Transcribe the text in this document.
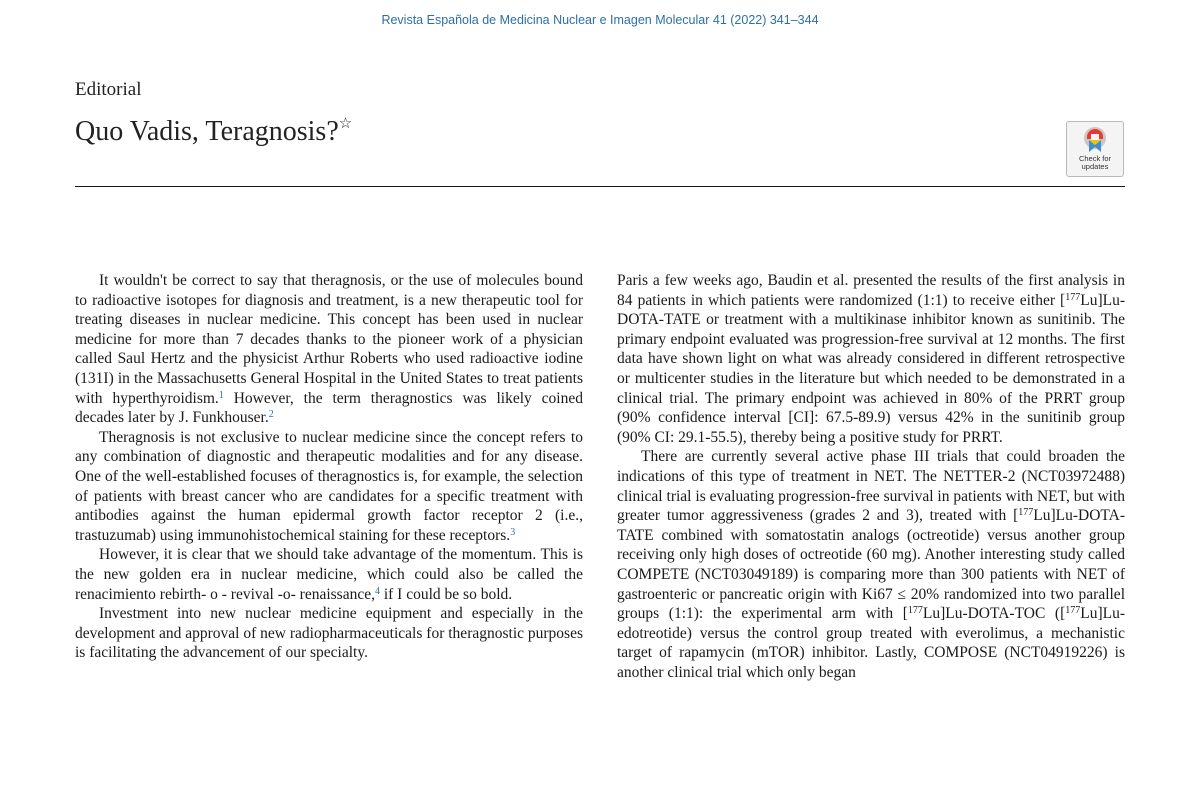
Revista Española de Medicina Nuclear e Imagen Molecular 41 (2022) 341–344
Editorial
Quo Vadis, Teragnosis?☆
Check for
updates

It wouldn't be correct to say that theragnosis, or the use of molecules bound to radioactive isotopes for diagnosis and treatment, is a new therapeutic tool for treating diseases in nuclear medicine. This concept has been used in nuclear medicine for more than 7 decades thanks to the pioneer work of a physician called Saul Hertz and the physicist Arthur Roberts who used radioactive iodine (131I) in the Massachusetts General Hospital in the United States to treat patients with hyperthyroidism.$^1$ However, the term theragnostics was likely coined decades later by J. Funkhouser.$^2$

Theragnosis is not exclusive to nuclear medicine since the concept refers to any combination of diagnostic and therapeutic modalities and for any disease. One of the well-established focuses of theragnostics is, for example, the selection of patients with breast cancer who are candidates for a specific treatment with antibodies against the human epidermal growth factor receptor 2 (i.e., trastuzumab) using immunohistochemical staining for these receptors.$^3$

However, it is clear that we should take advantage of the momentum. This is the new golden era in nuclear medicine, which could also be called the renacimiento rebirth- o - revival -o- renaissance,$^4$ if I could be so bold.

Investment into new nuclear medicine equipment and especially in the development and approval of new radiopharmaceuticals for theragnostic purposes is facilitating the advancement of our specialty.

Paris a few weeks ago, Baudin et al. presented the results of the first analysis in 84 patients in which patients were randomized (1:1) to receive either [$^{177}$Lu]Lu-DOTA-TATE or treatment with a multikinase inhibitor known as sunitinib. The primary endpoint evaluated was progression-free survival at 12 months. The first data have shown light on what was already considered in different retrospective or multicenter studies in the literature but which needed to be demonstrated in a clinical trial. The primary endpoint was achieved in 80% of the PRRT group (90% confidence interval [CI]: 67.5-89.9) versus 42% in the sunitinib group (90% CI: 29.1-55.5), thereby being a positive study for PRRT.

There are currently several active phase III trials that could broaden the indications of this type of treatment in NET. The NETTER-2 (NCT03972488) clinical trial is evaluating progression-free survival in patients with NET, but with greater tumor aggressiveness (grades 2 and 3), treated with [$^{177}$Lu]Lu-DOTA-TATE combined with somatostatin analogs (octreotide) versus another group receiving only high doses of octreotide (60 mg). Another interesting study called COMPETE (NCT03049189) is comparing more than 300 patients with NET of gastroenteric or pancreatic origin with Ki67 ≤ 20% randomized into two parallel groups (1:1): the experimental arm with [$^{177}$Lu]Lu-DOTA-TOC ([$^{177}$Lu]Lu-edotreotide) versus the control group treated with everolimus, a mechanistic target of rapamycin (mTOR) inhibitor. Lastly, COMPOSE (NCT04919226) is another clinical trial which only began
